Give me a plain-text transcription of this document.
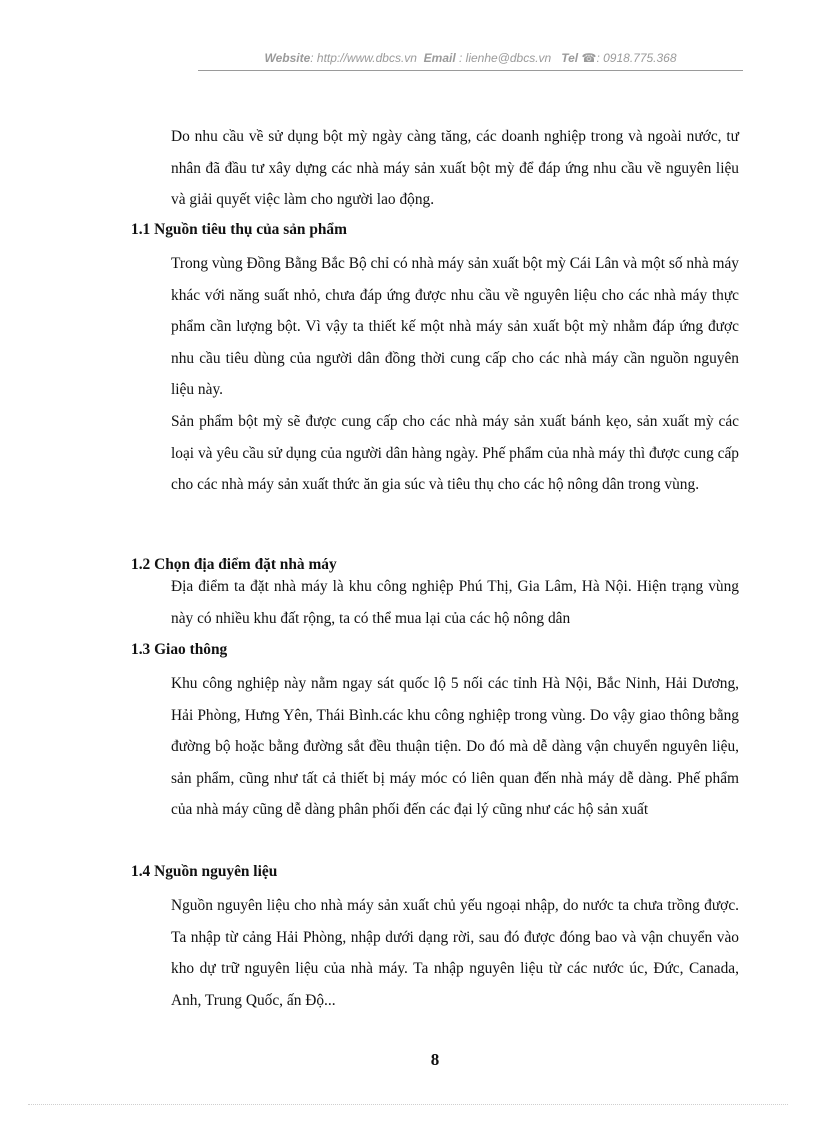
Website: http://www.dbcs.vn Email : lienhe@dbcs.vn Tel ☎: 0918.775.368

Do nhu cầu về sử dụng bột mỳ ngày càng tăng, các doanh nghiệp trong và ngoài nước, tư nhân đã đầu tư xây dựng các nhà máy sản xuất bột mỳ để đáp ứng nhu cầu về nguyên liệu và giải quyết việc làm cho người lao động.

1.1 Nguồn tiêu thụ của sản phẩm

Trong vùng Đồng Bằng Bắc Bộ chỉ có nhà máy sản xuất bột mỳ Cái Lân và một số nhà máy khác với năng suất nhỏ, chưa đáp ứng được nhu cầu về nguyên liệu cho các nhà máy thực phẩm cần lượng bột. Vì vậy ta thiết kế một nhà máy sản xuất bột mỳ nhằm đáp ứng được nhu cầu tiêu dùng của người dân đồng thời cung cấp cho các nhà máy cần nguồn nguyên liệu này.

Sản phẩm bột mỳ sẽ được cung cấp cho các nhà máy sản xuất bánh kẹo, sản xuất mỳ các loại và yêu cầu sử dụng của người dân hàng ngày. Phế phẩm của nhà máy thì được cung cấp cho các nhà máy sản xuất thức ăn gia súc và tiêu thụ cho các hộ nông dân trong vùng.

1.2 Chọn địa điểm đặt nhà máy

Địa điểm ta đặt nhà máy là khu công nghiệp Phú Thị, Gia Lâm, Hà Nội. Hiện trạng vùng này có nhiều khu đất rộng, ta có thể mua lại của các hộ nông dân

1.3 Giao thông

Khu công nghiệp này nằm ngay sát quốc lộ 5 nối các tỉnh Hà Nội, Bắc Ninh, Hải Dương, Hải Phòng, Hưng Yên, Thái Bình.các khu công nghiệp trong vùng. Do vậy giao thông bằng đường bộ hoặc bằng đường sắt đều thuận tiện. Do đó mà dễ dàng vận chuyển nguyên liệu, sản phẩm, cũng như tất cả thiết bị máy móc có liên quan đến nhà máy dễ dàng. Phế phẩm của nhà máy cũng dễ dàng phân phối đến các đại lý cũng như các hộ sản xuất

1.4 Nguồn nguyên liệu

Nguồn nguyên liệu cho nhà máy sản xuất chủ yếu ngoại nhập, do nước ta chưa trồng được. Ta nhập từ cảng Hải Phòng, nhập dưới dạng rời, sau đó được đóng bao và vận chuyển vào kho dự trữ nguyên liệu của nhà máy. Ta nhập nguyên liệu từ các nước úc, Đức, Canada, Anh, Trung Quốc, ấn Độ...

8
